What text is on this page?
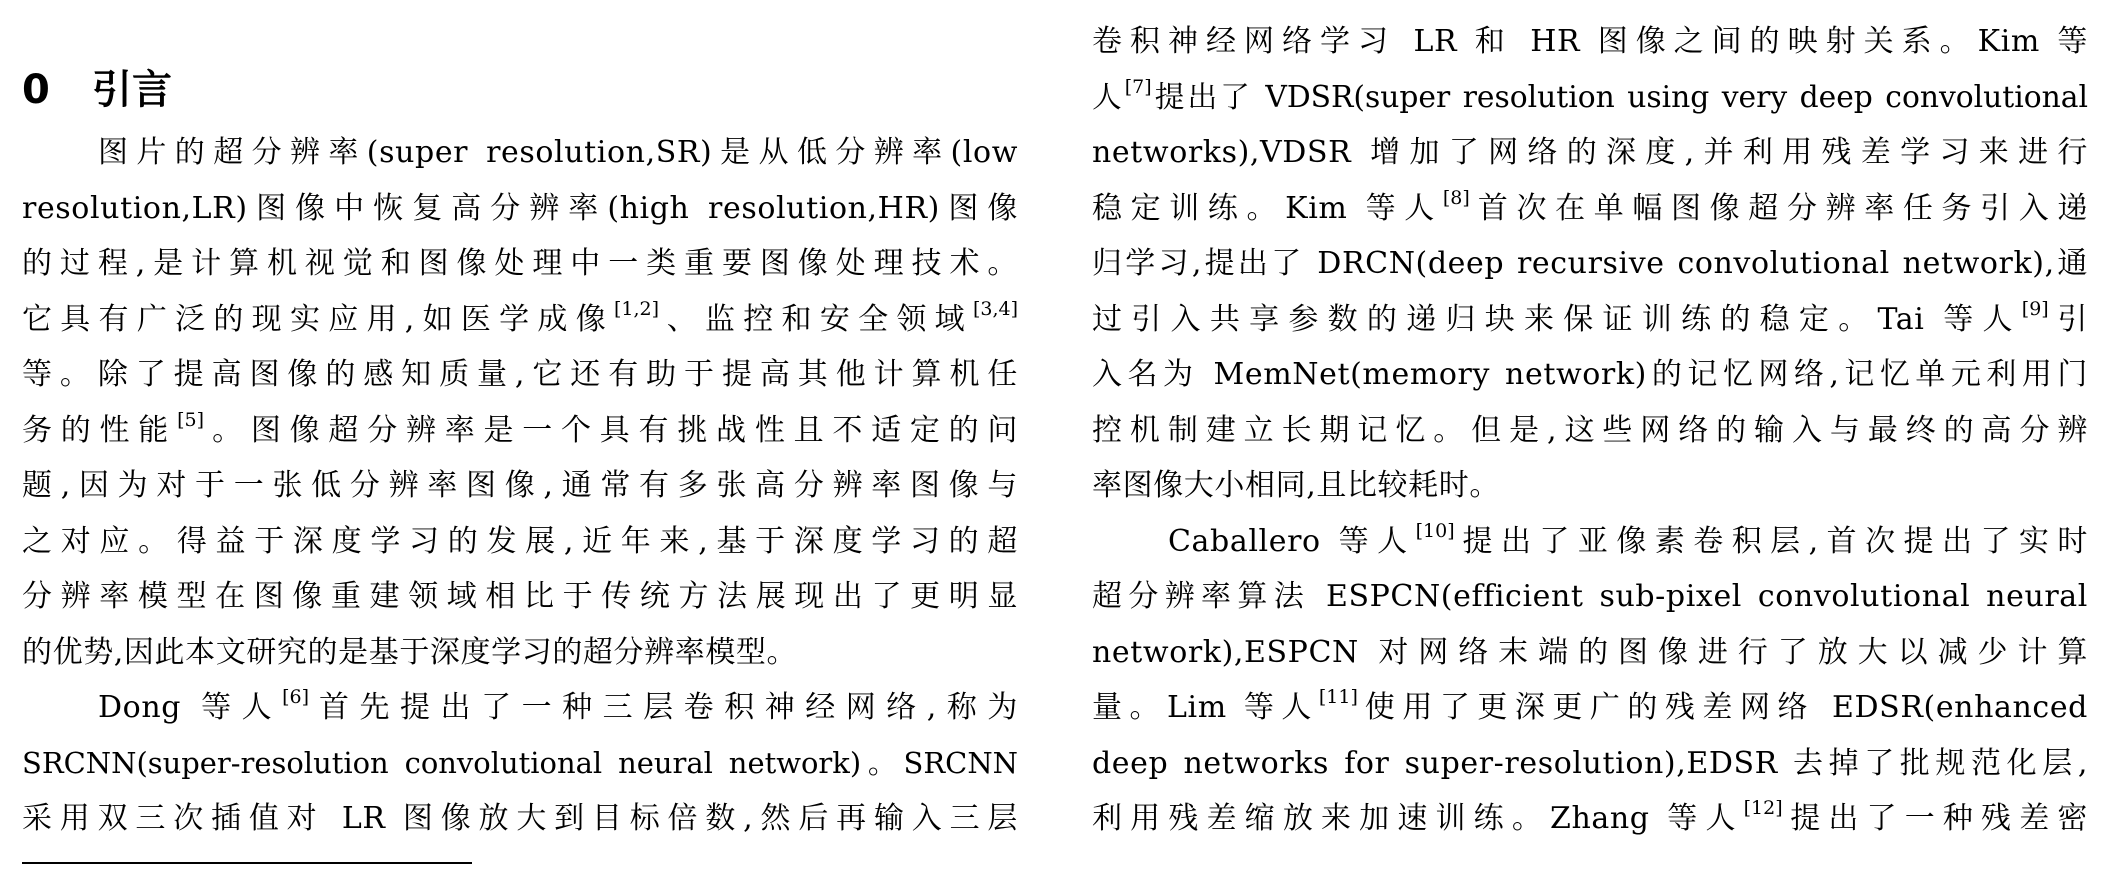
0 引言
图片的超分辨率(super resolution,SR)是从低分辨率(low
resolution,LR)图像中恢复高分辨率(high resolution,HR)图像
的过程,是计算机视觉和图像处理中一类重要图像处理技术。
它具有广泛的现实应用,如医学成像[1,2]、监控和安全领域[3,4]
等。除了提高图像的感知质量,它还有助于提高其他计算机任
务的性能[5]。图像超分辨率是一个具有挑战性且不适定的问
题,因为对于一张低分辨率图像,通常有多张高分辨率图像与
之对应。得益于深度学习的发展,近年来,基于深度学习的超
分辨率模型在图像重建领域相比于传统方法展现出了更明显
的优势,因此本文研究的是基于深度学习的超分辨率模型。
Dong 等人[6]首先提出了一种三层卷积神经网络,称为
SRCNN(super-resolution convolutional neural network)。SRCNN
采用双三次插值对 LR 图像放大到目标倍数,然后再输入三层
卷积神经网络学习 LR 和 HR 图像之间的映射关系。Kim 等
人[7]提出了 VDSR(super resolution using very deep convolutional
networks),VDSR 增加了网络的深度,并利用残差学习来进行
稳定训练。Kim 等人[8]首次在单幅图像超分辨率任务引入递
归学习,提出了 DRCN(deep recursive convolutional network),通
过引入共享参数的递归块来保证训练的稳定。Tai 等人[9]引
入名为 MemNet(memory network)的记忆网络,记忆单元利用门
控机制建立长期记忆。但是,这些网络的输入与最终的高分辨
率图像大小相同,且比较耗时。
Caballero 等人[10]提出了亚像素卷积层,首次提出了实时
超分辨率算法 ESPCN(efficient sub-pixel convolutional neural
network),ESPCN 对网络末端的图像进行了放大以减少计算
量。Lim 等人[11]使用了更深更广的残差网络 EDSR(enhanced
deep networks for super-resolution),EDSR 去掉了批规范化层,
利用残差缩放来加速训练。Zhang 等人[12]提出了一种残差密
